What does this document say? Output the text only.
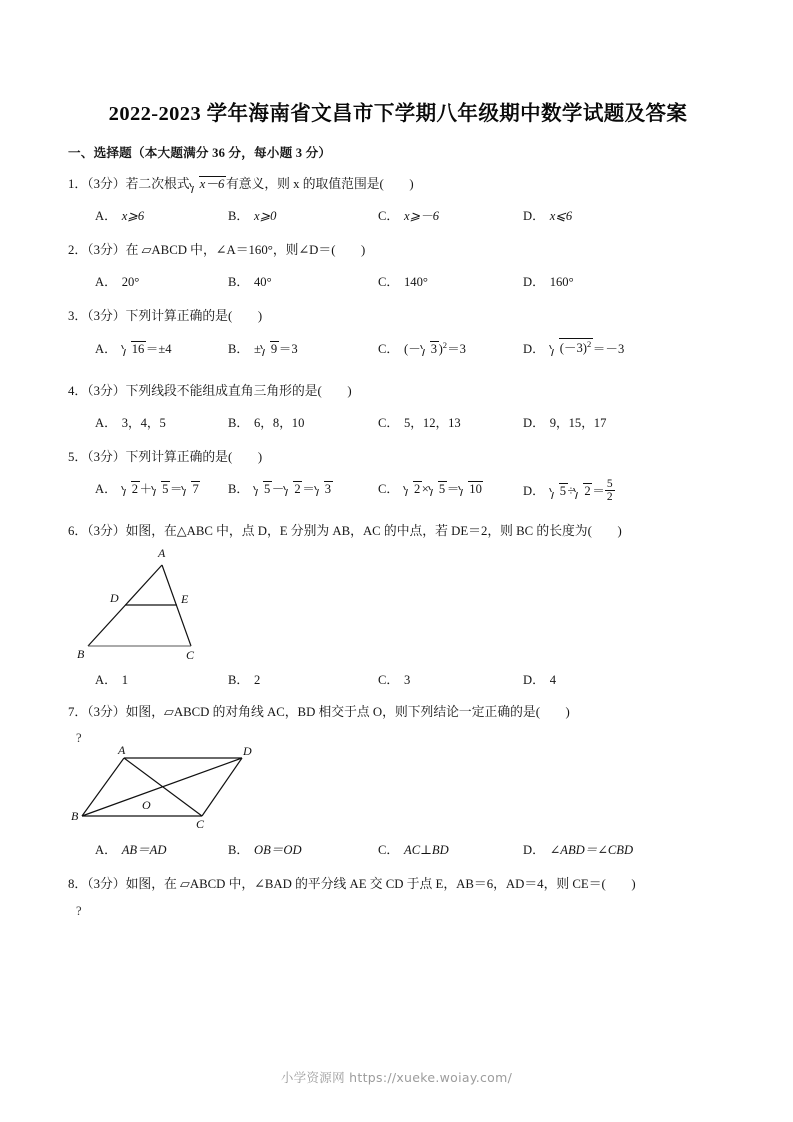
2022-2023 学年海南省文昌市下学期八年级期中数学试题及答案
一、选择题（本大题满分 36 分，每小题 3 分）
1．（3分）若二次根式 x－6 有意义，则 x 的取值范围是(　　)
A． x⩾6	B． x⩾0	C． x⩾－6	D． x⩽6
2．（3分）在 ▱ABCD 中，∠A＝160°，则∠D＝(　　)
A． 20°	B． 40°	C． 140°	D． 160°
3．（3分）下列计算正确的是(　　)
A． 16 ＝±4	B． ± 9 ＝3	C． (－ 3 )$^2$＝3	D． $(-3)^2 =-3$
4．（3分）下列线段不能组成直角三角形的是(　　)
A． 3，4，5	B． 6，8，10	C． 5，12，13	D． 9，15，17
5．（3分）下列计算正确的是(　　)
A． 2 ＋ 5 ＝ 7 B． 5 － 2 ＝ 3	C． 2 × 5 ＝ 10	D． $5 \div 2 = \frac{5}{2}$
6．（3分）如图，在△ABC 中，点 D，E 分别为 AB，AC 的中点，若 DE＝2，则 BC 的长度为(　　)
A
D	E
B	C
A． 1	B． 2	C． 3	D． 4
7．（3分）如图，▱ABCD 的对角线 AC，BD 相交于点 O，则下列结论一定正确的是(　　)
?
A
B
C
D
O
A． AB＝AD	B． OB＝OD	C． AC⊥BD	D． ∠ABD＝∠CBD
8．（3分）如图，在 ▱ABCD 中，∠BAD 的平分线 AE 交 CD 于点 E，AB＝6，AD＝4，则 CE＝(　　)
?
小学资源网 https://xueke.woiay.com/
